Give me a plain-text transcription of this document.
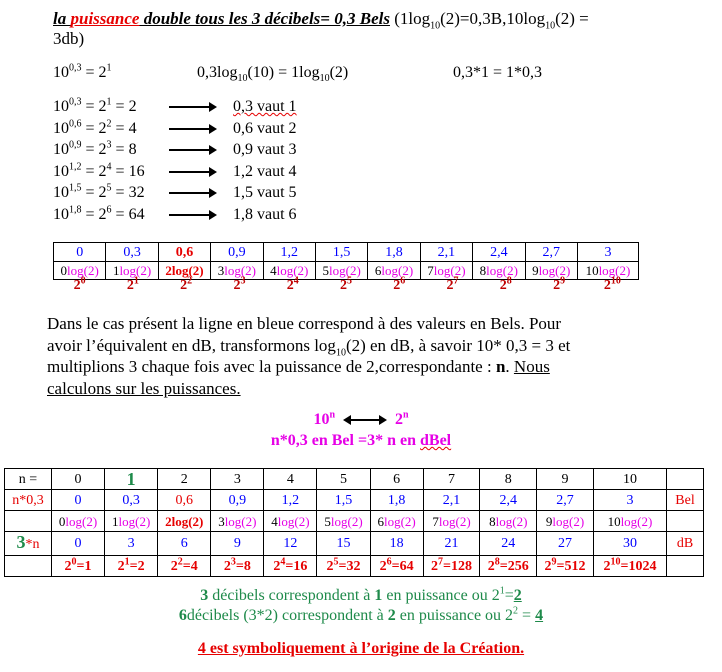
la puissance double tous les 3 décibels= 0,3 Bels ($1\log_{10}(2)=0,3B,10\log_{10}(2)$ =
3db)
$10^{0,3} = 2^1$	$0,3\log_{10}(10) = 1\log_{10}(2)$	0,3*1 = 1*0,3
$10^{0,3} = 2^1 = 2$	0,3 vaut 1
$10^{0,6} = 2^2 = 4$	0,6 vaut 2
$10^{0,9} = 2^3 = 8$	0,9 vaut 3
$10^{1,2} = 2^4 = 16$	1,2 vaut 4
$10^{1,5} = 2^5 = 32$	1,5 vaut 5
$10^{1,8} = 2^6 = 64$	1,8 vaut 6
0	0,3	0,6	0,9	1,2	1,5	1,8	2,1	2,4	2,7	3
0log(2)	1log(2)	2log(2)	3log(2)	4log(2)	5log(2)	6log(2)	7log(2)	8log(2)	9log(2)	10log(2)
$2^0$	$2^1$	$2^2$	$2^3$	$2^4$	$2^5$	$2^6$	$2^7$	$2^8$	$2^9$	$2^{10}$
Dans le cas présent la ligne en bleue correspond à des valeurs en Bels. Pour
avoir l’équivalent en dB, transformons $\log_{10}(2)$ en dB, à savoir 10* 0,3 = 3 et
multiplions 3 chaque fois avec la puissance de 2,correspondante : n. Nous
calculons sur les puissances.
10$^n$	2$^n$
n*0,3 en Bel =3* n en dBel
n =	0	1	2	3	4	5	6	7	8	9	10	
n*0,3	0	0,3	0,6	0,9	1,2	1,5	1,8	2,1	2,4	2,7	3	Bel
	0log(2)	1log(2)	2log(2)	3log(2)	4log(2)	5log(2)	6log(2)	7log(2)	8log(2)	9log(2)	10log(2)	
3*n	0	3	6	9	12	15	18	21	24	27	30	dB
	$2^0=1$	$2^1=2$	$2^2=4$	$2^3=8$	$2^4=16$	$2^5=32$	$2^6=64$	$2^7=128$	$2^8=256$	$2^9=512$	$2^{10}=1024$	
3 décibels correspondent à 1 en puissance ou $2^1=2$
6décibels (3*2) correspondent à 2 en puissance ou $2^2 = 4$
4 est symboliquement à l’origine de la Création.
